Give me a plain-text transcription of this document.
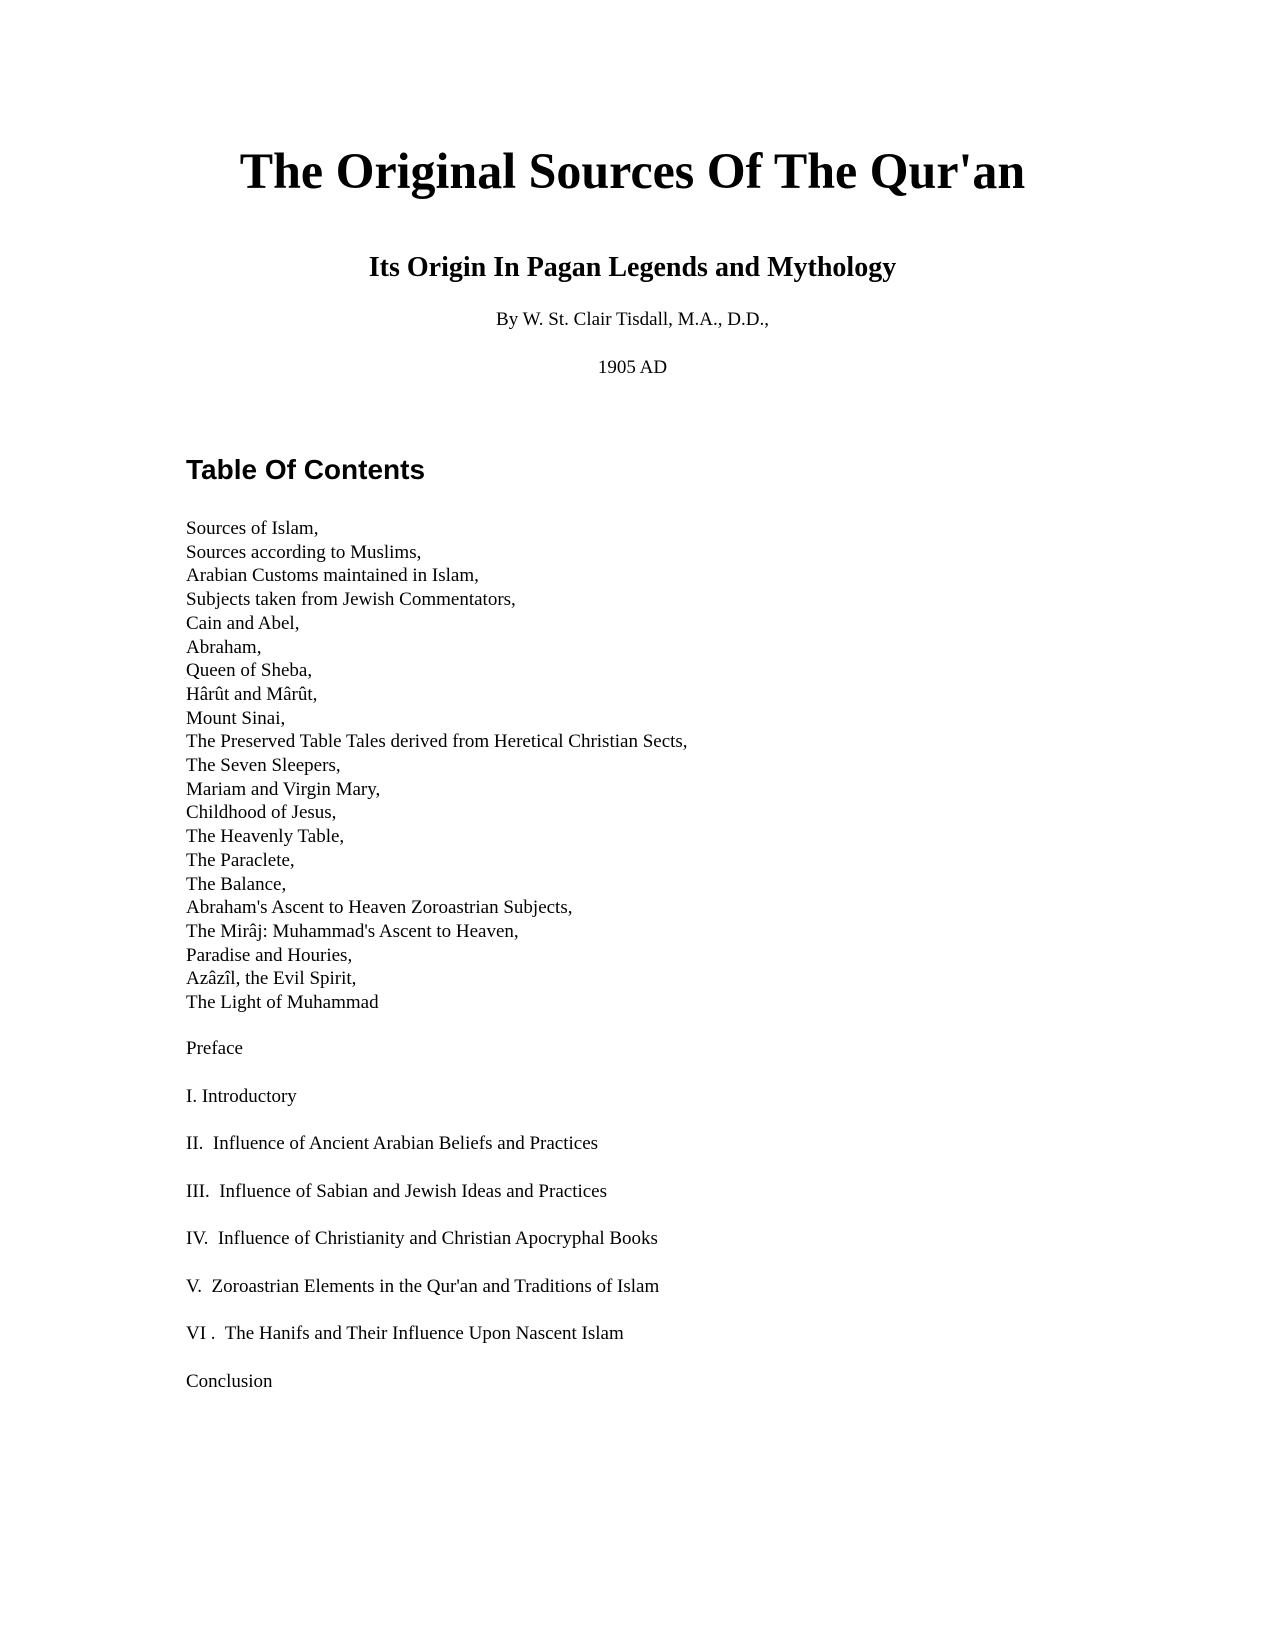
The Original Sources Of The Qur'an
Its Origin In Pagan Legends and Mythology

By W. St. Clair Tisdall, M.A., D.D.,

1905 AD

Table Of Contents
Sources of Islam,
Sources according to Muslims,
Arabian Customs maintained in Islam,
Subjects taken from Jewish Commentators,
Cain and Abel,
Abraham,
Queen of Sheba,
Hârût and Mârût,
Mount Sinai,
The Preserved Table Tales derived from Heretical Christian Sects,
The Seven Sleepers,
Mariam and Virgin Mary,
Childhood of Jesus,
The Heavenly Table,
The Paraclete,
The Balance,
Abraham's Ascent to Heaven Zoroastrian Subjects,
The Mirâj: Muhammad's Ascent to Heaven,
Paradise and Houries,
Azâzîl, the Evil Spirit,
The Light of Muhammad
Preface
I. Introductory
II.  Influence of Ancient Arabian Beliefs and Practices
III.  Influence of Sabian and Jewish Ideas and Practices
IV.  Influence of Christianity and Christian Apocryphal Books
V.  Zoroastrian Elements in the Qur'an and Traditions of Islam
VI .  The Hanifs and Their Influence Upon Nascent Islam
Conclusion
